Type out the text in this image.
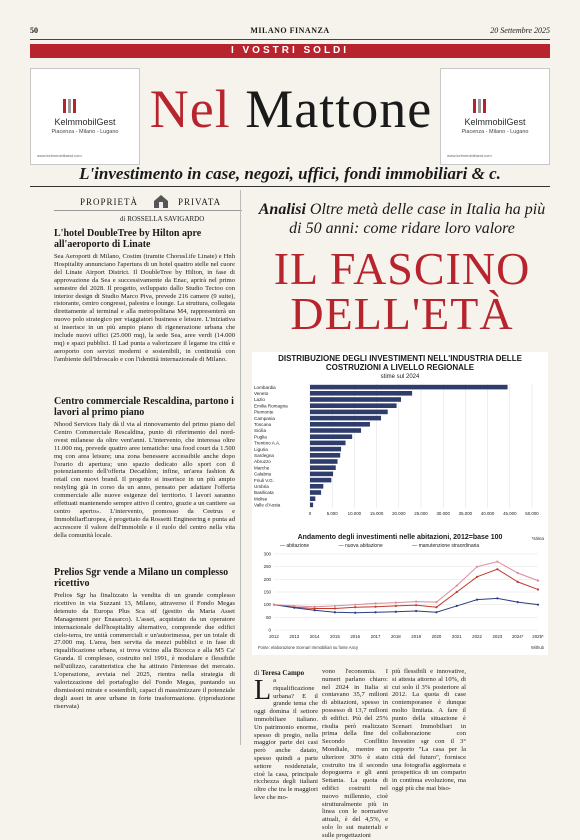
50	MILANO FINANZA	20 Settembre 2025
I VOSTRI SOLDI
KelmmobilGest
Piacenza - Milano - Lugano
www.kelmmobiliaest.com
KelmmobilGest
Piacenza - Milano - Lugano
www.kelmmobiliaest.com
Nel Mattone
L'investimento in case, negozi, uffici, fondi immobiliari & c.
PROPRIETÀ	PRIVATA
di ROSSELLA SAVIGARDO
L'hotel DoubleTree by Hilton apre all'aeroporto di Linate

Sea Aeroporti di Milano, Costim (tramite Chorusl.ife Linate) e Hnh Hospitality annunciano l'apertura di un hotel quattro stelle nel cuore del Linate Airport District. Il DoubleTree by Hilton, in fase di approvazione da Sea e successivamente da Enac, aprirà nel primo semestre del 2028. Il progetto, sviluppato dallo Studio Tectoo con interior design di Studio Marco Piva, prevede 216 camere (9 suite), ristorante, centro congressi, palestra e lounge. La struttura, collegata direttamente al terminal e alla metropolitana M4, rappresenterà un nuovo polo strategico per viaggiatori business e leisure. L'iniziativa si inserisce in un più ampio piano di rigenerazione urbana che include nuovi uffici (25.000 mq), la sede Sea, aree verdi (14.000 mq) e spazi pubblici. Il Lad punta a valorizzare il legame tra città e aeroporto con servizi moderni e sostenibili, in continuità con l'ambiente dell'Idroscalo e con l'identità internazionale di Milano.

Centro commerciale Rescaldina, partono i lavori al primo piano

Nhood Services Italy dà il via al rinnovamento del primo piano del Centro Commerciale Rescaldina, punto di riferimento del nord-ovest milanese da oltre vent'anni. L'intervento, che interessa oltre 11.000 mq, prevede quattro aree tematiche: una food court da 1.500 mq con area leisure; una zona benessere accessibile anche dopo l'orario di apertura; uno spazio dedicato allo sport con il potenziamento dell'offerta Decathlon; infine, un'area fashion & retail con nuovi brand. Il progetto si inserisce in un più ampio restyling già in corso da un anno, pensato per adattare l'offerta commerciale alle nuove esigenze del territorio. I lavori saranno effettuati mantenendo sempre attivo il centro, grazie a un cantiere «a centro aperto». L'intervento, promosso da Ceetrus e ImmobiliarEuropea, è progettato da Rossetti Engineering e punta ad accrescere il valore dell'immobile e il ruolo del centro nella vita della comunità locale.

Prelios Sgr vende a Milano un complesso ricettivo

Prelios Sgr ha finalizzato la vendita di un grande complesso ricettivo in via Suzzani 13, Milano, attraverso il Fondo Megas detenuto da Europa Plus Sca sif (gestito da Maria Asset Management per Enasarco). L'asset, acquistato da un operatore internazionale dell'hospitality alternativo, comprende due edifici cielo-terra, tre unità commerciali e un'autorimessa, per un totale di 27.000 mq. L'area, ben servita da mezzi pubblici e in fase di riqualificazione urbana, si trova vicino alla Bicocca e alla M5 Ca' Granda. Il complesso, costruito nel 1991, è modulare e flessibile nell'utilizzo, caratteristica che ha attirato l'interesse dei mercato. L'operazione, avviata nel 2025, rientra nella strategia di valorizzazione del portafoglio del Fondo Megas, puntando su dismissioni mirate e sostenibili, capaci di massimizzare il potenziale degli asset in aree urbane in forte trasformazione. (riproduzione riservata)

Analisi Oltre metà delle case in Italia ha più di 50 anni: come ridare loro valore
IL FASCINO DELL'ETÀ
DISTRIBUZIONE DEGLI INVESTIMENTI NELL'INDUSTRIA DELLE COSTRUZIONI A LIVELLO REGIONALE
stime sul 2024
Lombardia
Veneto
Lazio
Emilia Romagna
Piemonte
Campania
Toscana
Sicilia
Puglia
Trentino A.A.
Liguria
Sardegna
Abruzzo
Marche
Calabria
Friuli V.G.
Umbria
Basilicata
Molise
Valle d'Aosta
0	5.000 10.000 15.000 20.000 25.000 30.000 35.000 40.000 45.000 50.000
Andamento degli investimenti nelle abitazioni, 2012=base 100	*stima
— abitazione	— nuova abitazione	— manutenzione straordinaria
0
50
100
150
200
250
300
2012 2013 2014 2015 2016 2017 2018 2019 2020 2021 2022 2023 2024* 2025*
Fonte: elaborazione Scenari Immobiliari su fonte Ancy	Withub
di Teresa Campo
La riqualificazione urbana? E il grande tema che oggi domina il settore immobiliare italiano. Un patrimonio enorme, spesso di pregio, nella maggior parte dei casi però anche datato, spesso quindi a parte settore residenziale, cioè la casa, principale ricchezza degli italiani oltre che tra le maggiori leve che mo-
vono l'economia. I numeri parlano chiaro: nel 2024 in Italia si contavano 35,7 milioni di abitazioni, spesso in possesso di 13,7 milioni di edifici. Più del 25% risulta però realizzato prima della fine del Secondo Conflitto Mondiale, mentre un ulteriore 30% è stato costruito tra il secondo dopoguerra e gli anni Settanta. La quota di edifici costruiti nel nuovo millennio, cioè strutturalmente più in linea con le normative attuali, è del 4,5%, e solo lo sui materiali e sulle progettazioni
più flessibili e innovative, si attesta attorno al 10%, di cui solo il 3% posteriore al 2012. La quota di case contemporanee è dunque molto limitata. A fare il punto della situazione è Scenari Immobiliari in collaborazione con Investire sgr con il 3° rapporto "La casa per la città del futuro", fornisce una fotografia aggiornata e prospettica di un comparto in continua evoluzione, ma oggi più che mai biso-
